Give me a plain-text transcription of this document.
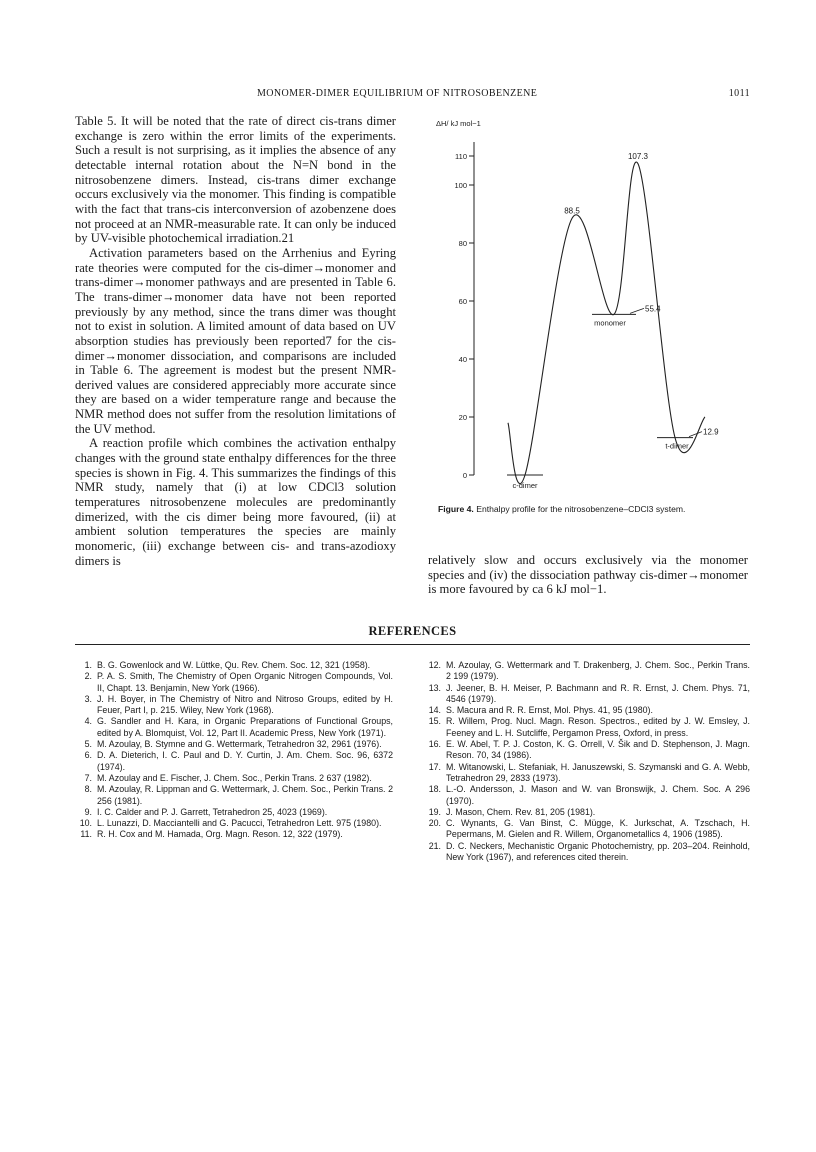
MONOMER-DIMER EQUILIBRIUM OF NITROSOBENZENE	1011

Table 5. It will be noted that the rate of direct cis-trans dimer exchange is zero within the error limits of the experiments. Such a result is not surprising, as it implies the absence of any detectable internal rotation about the N=N bond in the nitrosobenzene dimers. Instead, cis-trans dimer exchange occurs exclusively via the monomer. This finding is compatible with the fact that trans-cis interconversion of azobenzene does not proceed at an NMR-measurable rate. It can only be induced by UV-visible photochemical irradiation.21

Activation parameters based on the Arrhenius and Eyring rate theories were computed for the cis-dimer→monomer and trans-dimer→monomer pathways and are presented in Table 6. The trans-dimer→monomer data have not been reported previously by any method, since the trans dimer was thought not to exist in solution. A limited amount of data based on UV absorption studies has previously been reported7 for the cis-dimer→monomer dissociation, and comparisons are included in Table 6. The agreement is modest but the present NMR-derived values are considered appreciably more accurate since they are based on a wider temperature range and because the NMR method does not suffer from the resolution limitations of the UV method.

A reaction profile which combines the activation enthalpy changes with the ground state enthalpy differences for the three species is shown in Fig. 4. This summarizes the findings of this NMR study, namely that (i) at low CDCl3 solution temperatures nitrosobenzene molecules are predominantly dimerized, with the cis dimer being more favoured, (ii) at ambient solution temperatures the species are mainly monomeric, (iii) exchange between cis- and trans-azodioxy dimers is

ΔH/ kJ mol−1
0
20
40
60
80
100
110
c-dimer
monomer
t-dimer
88.5
55.4
107.3
12.9
Figure 4. Enthalpy profile for the nitrosobenzene–CDCl3 system.

relatively slow and occurs exclusively via the monomer species and (iv) the dissociation pathway cis-dimer→monomer is more favoured by ca 6 kJ mol−1.

REFERENCES
1. B. G. Gowenlock and W. Lüttke, Qu. Rev. Chem. Soc. 12, 321 (1958).
2. P. A. S. Smith, The Chemistry of Open Organic Nitrogen Compounds, Vol. II, Chapt. 13. Benjamin, New York (1966).
3. J. H. Boyer, in The Chemistry of Nitro and Nitroso Groups, edited by H. Feuer, Part I, p. 215. Wiley, New York (1968).
4. G. Sandler and H. Kara, in Organic Preparations of Functional Groups, edited by A. Blomquist, Vol. 12, Part II. Academic Press, New York (1971).
5. M. Azoulay, B. Stymne and G. Wettermark, Tetrahedron 32, 2961 (1976).
6. D. A. Dieterich, I. C. Paul and D. Y. Curtin, J. Am. Chem. Soc. 96, 6372 (1974).
7. M. Azoulay and E. Fischer, J. Chem. Soc., Perkin Trans. 2 637 (1982).
8. M. Azoulay, R. Lippman and G. Wettermark, J. Chem. Soc., Perkin Trans. 2 256 (1981).
9. I. C. Calder and P. J. Garrett, Tetrahedron 25, 4023 (1969).
10. L. Lunazzi, D. Macciantelli and G. Pacucci, Tetrahedron Lett. 975 (1980).
11. R. H. Cox and M. Hamada, Org. Magn. Reson. 12, 322 (1979).
12. M. Azoulay, G. Wettermark and T. Drakenberg, J. Chem. Soc., Perkin Trans. 2 199 (1979).
13. J. Jeener, B. H. Meiser, P. Bachmann and R. R. Ernst, J. Chem. Phys. 71, 4546 (1979).
14. S. Macura and R. R. Ernst, Mol. Phys. 41, 95 (1980).
15. R. Willem, Prog. Nucl. Magn. Reson. Spectros., edited by J. W. Emsley, J. Feeney and L. H. Sutcliffe, Pergamon Press, Oxford, in press.
16. E. W. Abel, T. P. J. Coston, K. G. Orrell, V. Šik and D. Stephenson, J. Magn. Reson. 70, 34 (1986).
17. M. Witanowski, L. Stefaniak, H. Januszewski, S. Szymanski and G. A. Webb, Tetrahedron 29, 2833 (1973).
18. L.-O. Andersson, J. Mason and W. van Bronswijk, J. Chem. Soc. A 296 (1970).
19. J. Mason, Chem. Rev. 81, 205 (1981).
20. C. Wynants, G. Van Binst, C. Mügge, K. Jurkschat, A. Tzschach, H. Pepermans, M. Gielen and R. Willem, Organometallics 4, 1906 (1985).
21. D. C. Neckers, Mechanistic Organic Photochemistry, pp. 203–204. Reinhold, New York (1967), and references cited therein.
